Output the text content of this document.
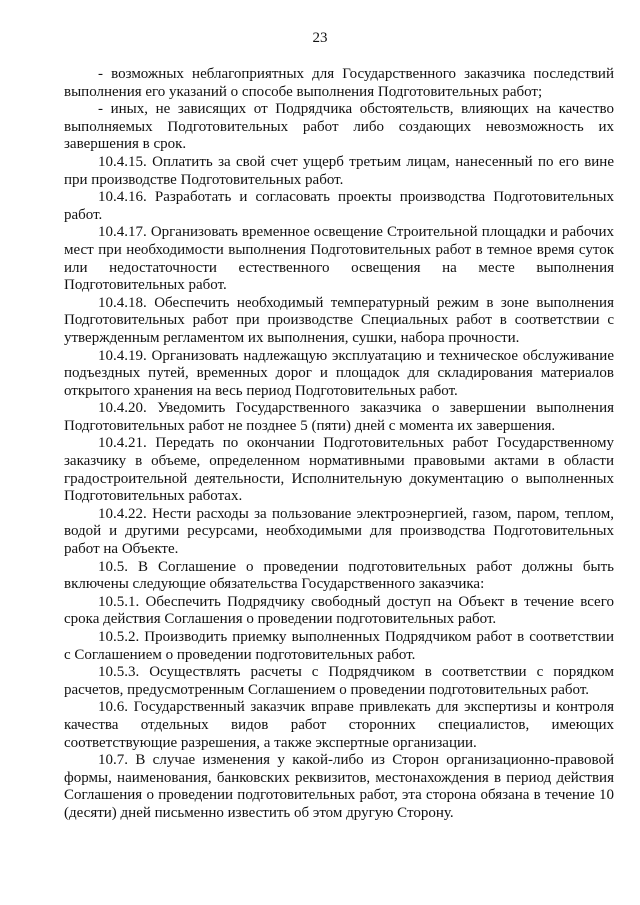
23

- возможных неблагоприятных для Государственного заказчика последствий выполнения его указаний о способе выполнения Подготовительных работ;

- иных, не зависящих от Подрядчика обстоятельств, влияющих на качество выполняемых Подготовительных работ либо создающих невозможность их завершения в срок.

10.4.15. Оплатить за свой счет ущерб третьим лицам, нанесенный по его вине при производстве Подготовительных работ.

10.4.16. Разработать и согласовать проекты производства Подготовительных работ.

10.4.17. Организовать временное освещение Строительной площадки и рабочих мест при необходимости выполнения Подготовительных работ в темное время суток или недостаточности естественного освещения на месте выполнения Подготовительных работ.

10.4.18. Обеспечить необходимый температурный режим в зоне выполнения Подготовительных работ при производстве Специальных работ в соответствии с утвержденным регламентом их выполнения, сушки, набора прочности.

10.4.19. Организовать надлежащую эксплуатацию и техническое обслуживание подъездных путей, временных дорог и площадок для складирования материалов открытого хранения на весь период Подготовительных работ.

10.4.20. Уведомить Государственного заказчика о завершении выполнения Подготовительных работ не позднее 5 (пяти) дней с момента их завершения.

10.4.21. Передать по окончании Подготовительных работ Государственному заказчику в объеме, определенном нормативными правовыми актами в области градостроительной деятельности, Исполнительную документацию о выполненных Подготовительных работах.

10.4.22. Нести расходы за пользование электроэнергией, газом, паром, теплом, водой и другими ресурсами, необходимыми для производства Подготовительных работ на Объекте.

10.5. В Соглашение о проведении подготовительных работ должны быть включены следующие обязательства Государственного заказчика:

10.5.1. Обеспечить Подрядчику свободный доступ на Объект в течение всего срока действия Соглашения о проведении подготовительных работ.

10.5.2. Производить приемку выполненных Подрядчиком работ в соответствии с Соглашением о проведении подготовительных работ.

10.5.3. Осуществлять расчеты с Подрядчиком в соответствии с порядком расчетов, предусмотренным Соглашением о проведении подготовительных работ.

10.6. Государственный заказчик вправе привлекать для экспертизы и контроля качества отдельных видов работ сторонних специалистов, имеющих соответствующие разрешения, а также экспертные организации.

10.7. В случае изменения у какой-либо из Сторон организационно-правовой формы, наименования, банковских реквизитов, местонахождения в период действия Соглашения о проведении подготовительных работ, эта сторона обязана в течение 10 (десяти) дней письменно известить об этом другую Сторону.
